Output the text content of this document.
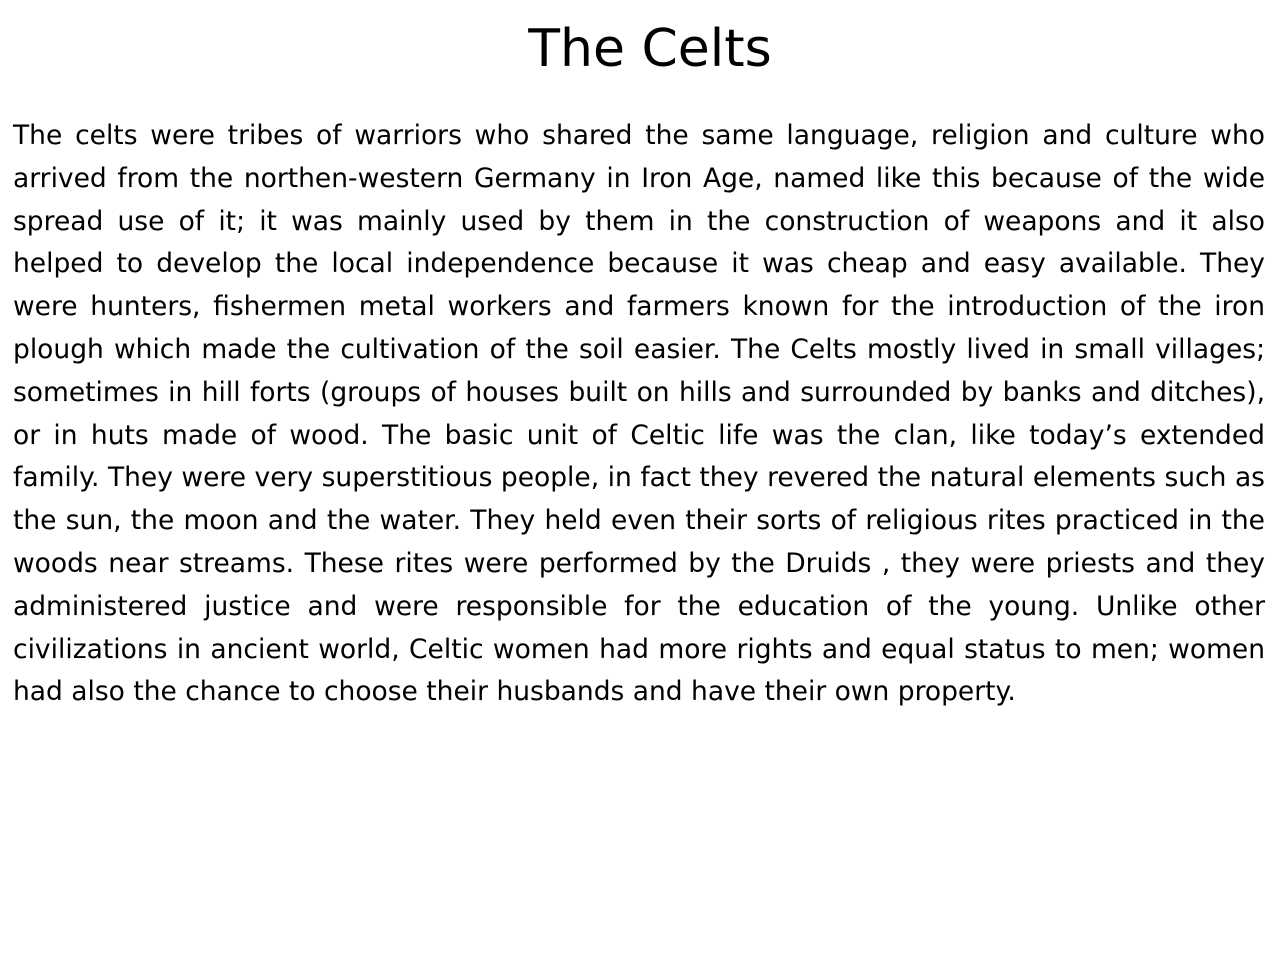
The Celts

The celts were tribes of warriors who shared the same language, religion and culture who arrived from the northen-western Germany in Iron Age, named like this because of the wide spread use of it; it was mainly used by them in the construction of weapons and it also helped to develop the local independence because it was cheap and easy available. They were hunters, fishermen metal workers and farmers known for the introduction of the iron plough which made the cultivation of the soil easier. The Celts mostly lived in small villages; sometimes in hill forts (groups of houses built on hills and surrounded by banks and ditches), or in huts made of wood. The basic unit of Celtic life was the clan, like today’s extended family. They were very superstitious people, in fact they revered the natural elements such as the sun, the moon and the water. They held even their sorts of religious rites practiced in the woods near streams. These rites were performed by the Druids , they were priests and they administered justice and were responsible for the education of the young. Unlike other civilizations in ancient world, Celtic women had more rights and equal status to men; women had also the chance to choose their husbands and have their own property.
